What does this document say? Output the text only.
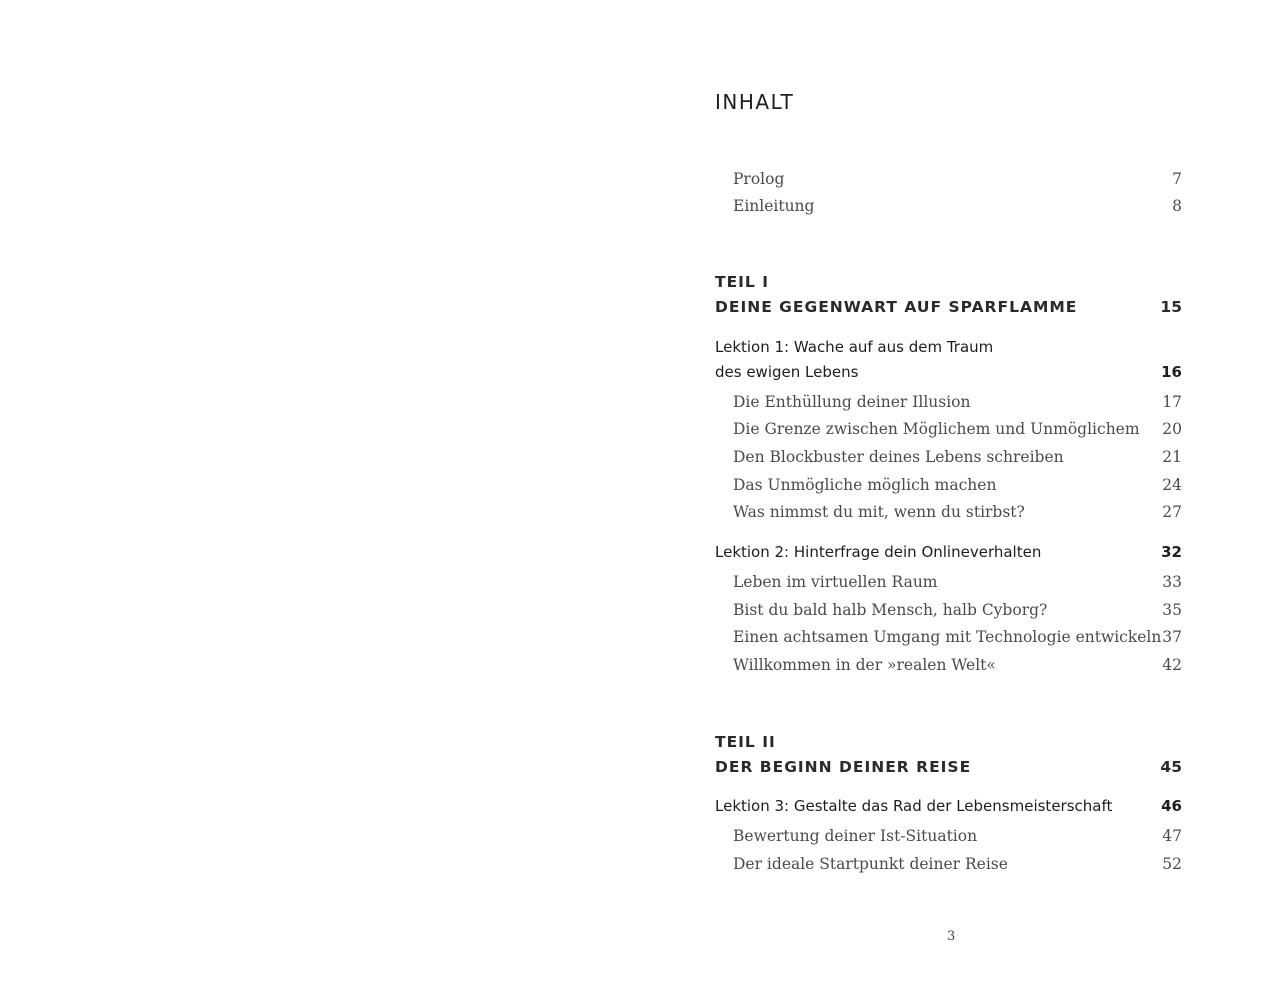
INHALT
Prolog	7
Einleitung	8
TEIL I
DEINE GEGENWART AUF SPARFLAMME	15
Lektion 1: Wache auf aus dem Traum
des ewigen Lebens	16
Die Enthüllung deiner Illusion	17
Die Grenze zwischen Möglichem und Unmöglichem 20
Den Blockbuster deines Lebens schreiben	21
Das Unmögliche möglich machen	24
Was nimmst du mit, wenn du stirbst?	27
Lektion 2: Hinterfrage dein Onlineverhalten	32
Leben im virtuellen Raum	33
Bist du bald halb Mensch, halb Cyborg?	35
Einen achtsamen Umgang mit Technologie entwickeln 37
Willkommen in der »realen Welt«	42
TEIL II
DER BEGINN DEINER REISE	45
Lektion 3: Gestalte das Rad der Lebensmeisterschaft	46
Bewertung deiner Ist-Situation	47
Der ideale Startpunkt deiner Reise	52
3
